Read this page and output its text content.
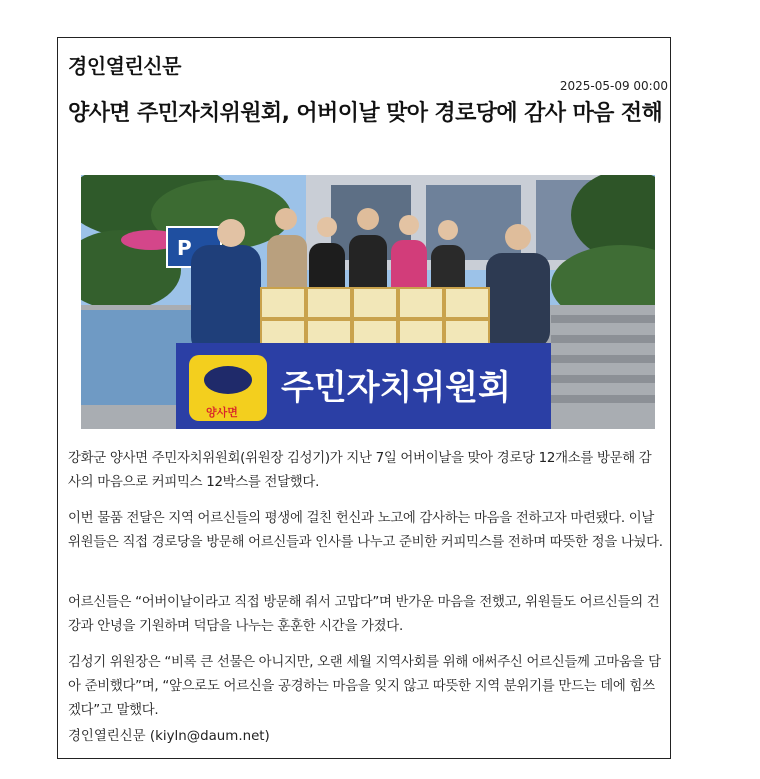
경인열린신문
2025-05-09 00:00
양사면 주민자치위원회, 어버이날 맞아 경로당에 감사 마음 전해
P
양사면
주민자치위원회
강화군 양사면 주민자치위원회(위원장 김성기)가 지난 7일 어버이날을 맞아 경로당 12개소를 방문해 감사의 마음으로 커피믹스 12박스를 전달했다.
이번 물품 전달은 지역 어르신들의 평생에 걸친 헌신과 노고에 감사하는 마음을 전하고자 마련됐다. 이날 위원들은 직접 경로당을 방문해 어르신들과 인사를 나누고 준비한 커피믹스를 전하며 따뜻한 정을 나눴다.
어르신들은 “어버이날이라고 직접 방문해 줘서 고맙다”며 반가운 마음을 전했고, 위원들도 어르신들의 건강과 안녕을 기원하며 덕담을 나누는 훈훈한 시간을 가졌다.
김성기 위원장은 “비록 큰 선물은 아니지만, 오랜 세월 지역사회를 위해 애써주신 어르신들께 고마움을 담아 준비했다”며, “앞으로도 어르신을 공경하는 마음을 잊지 않고 따뜻한 지역 분위기를 만드는 데에 힘쓰겠다”고 말했다.
경인열린신문 (kiyln@daum.net)
